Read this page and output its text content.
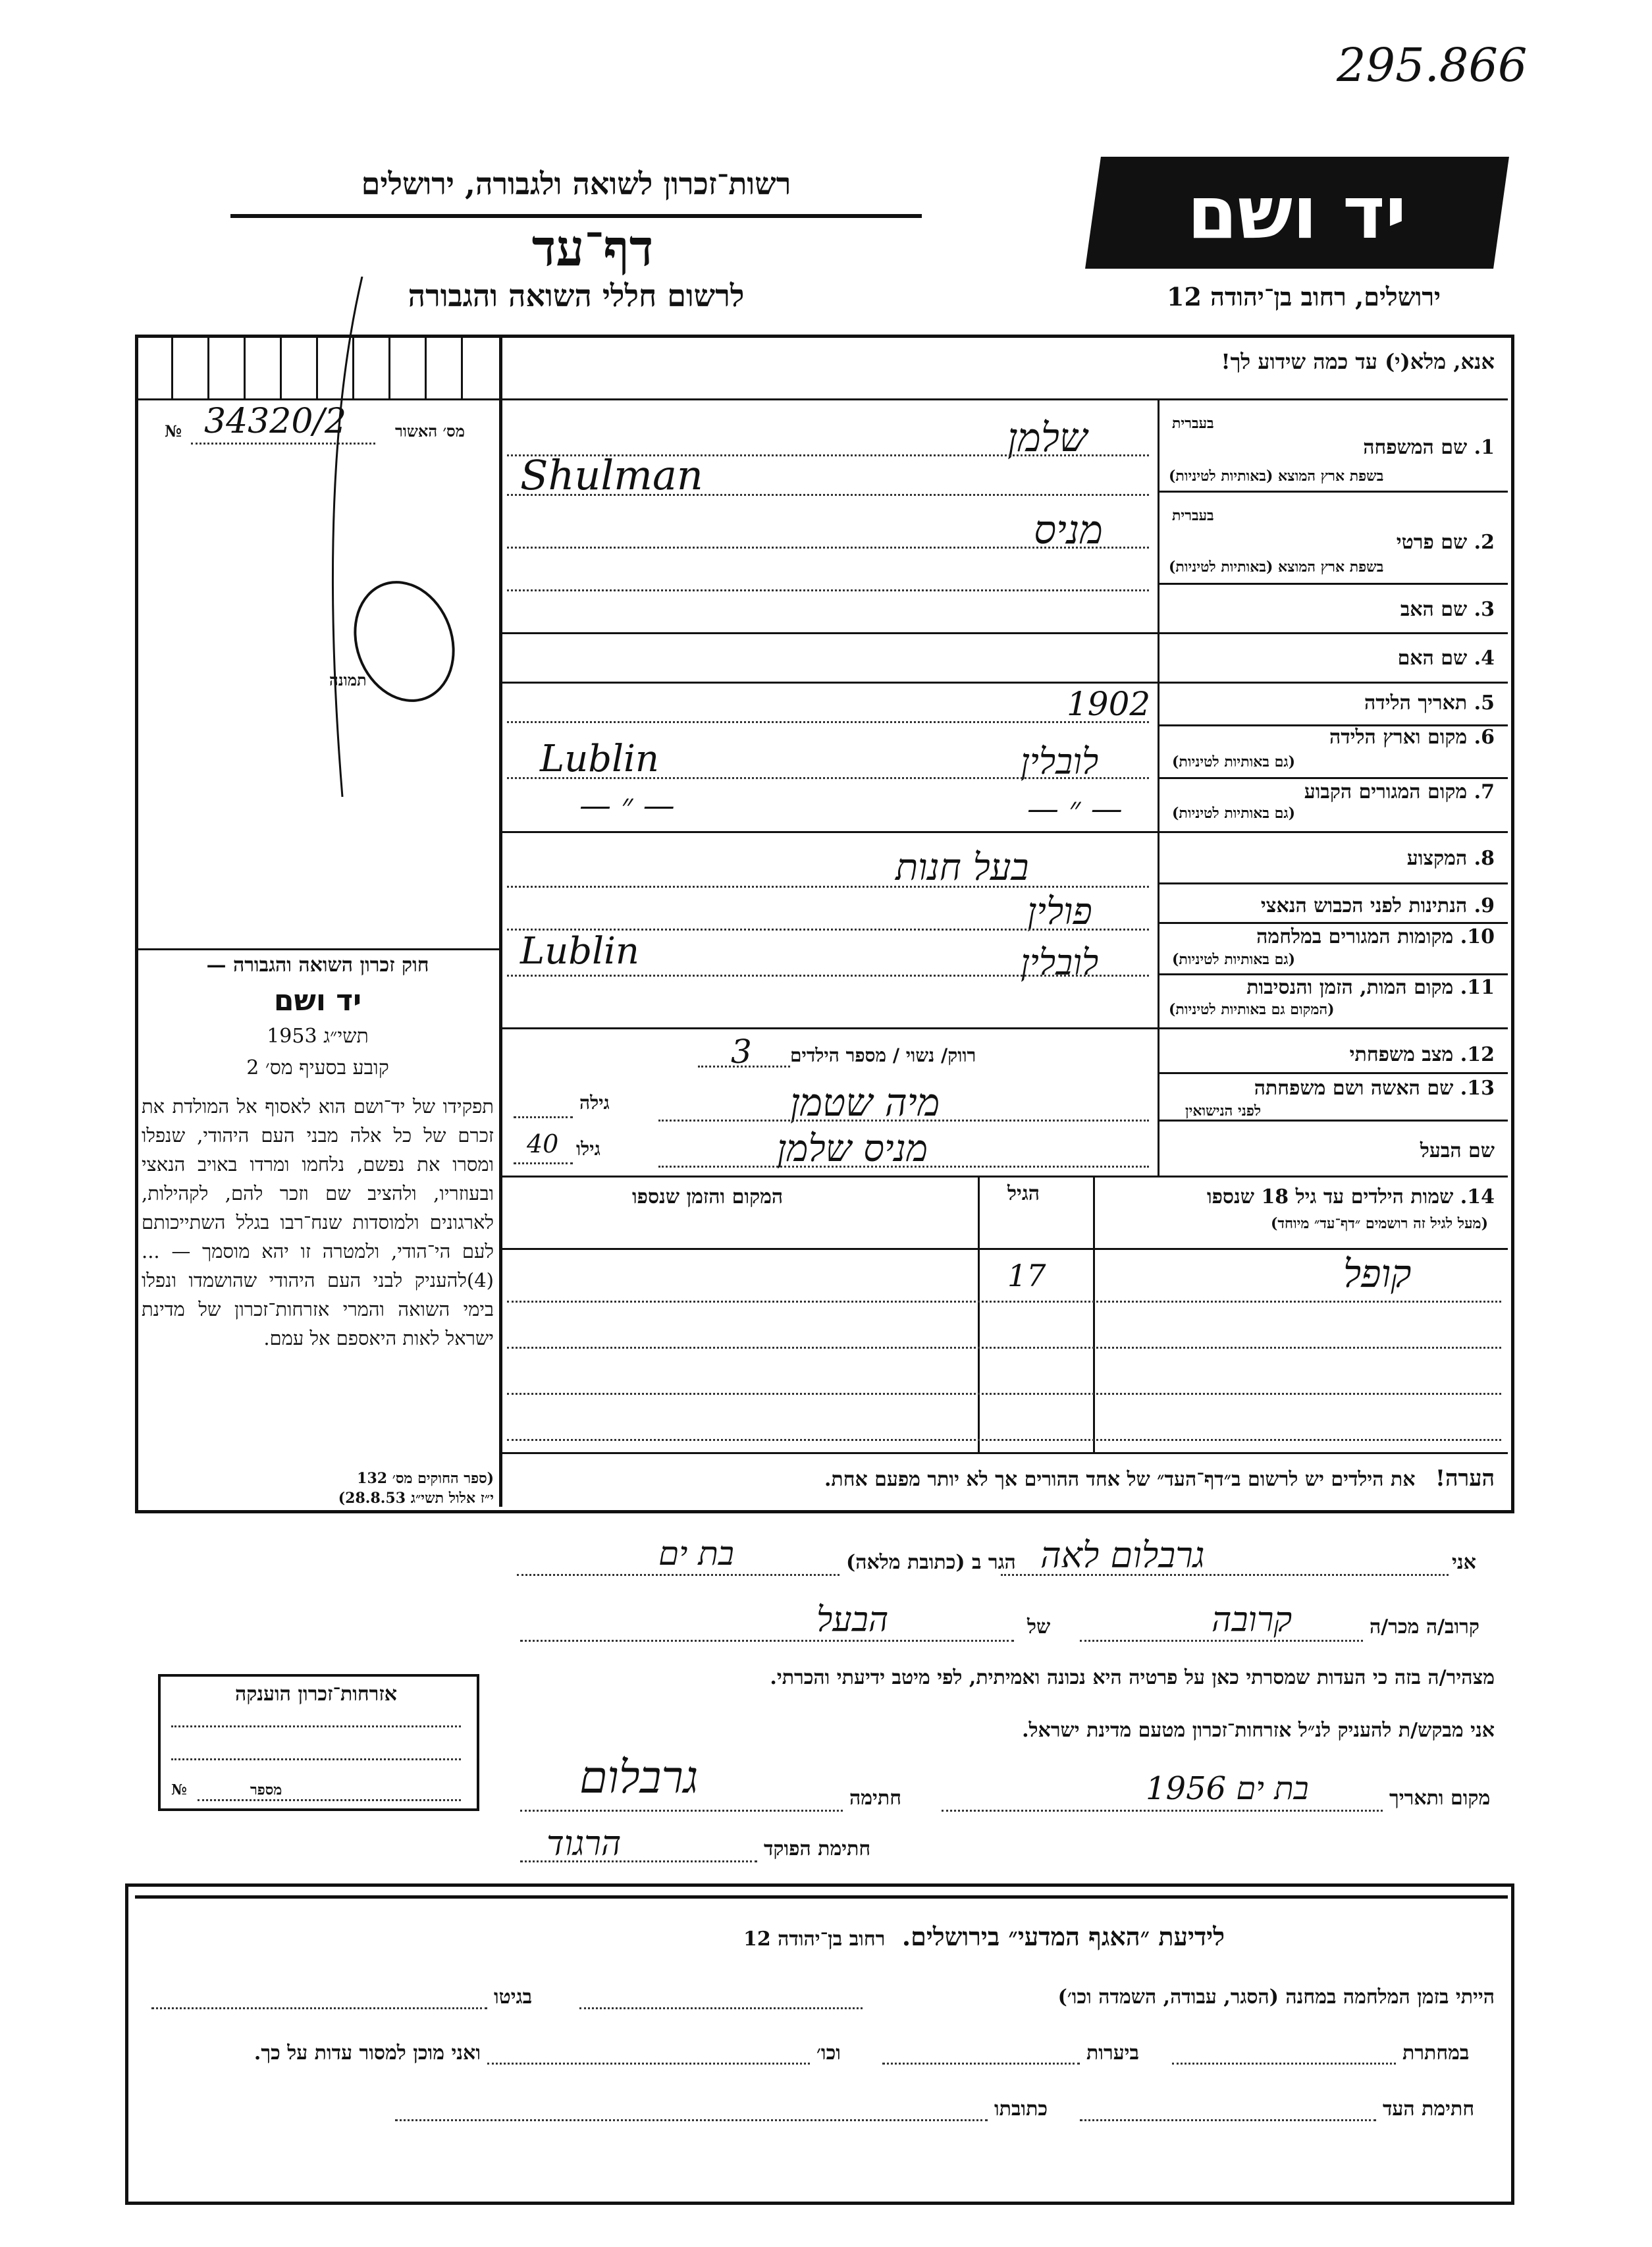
295.866
יד ושם
רשות־זכרון לשואה ולגבורה, ירושלים
דף־עד
לרשום חללי השואה והגבורה	ירושלים, רחוב בן־יהודה 12
מס׳ האשור
№ 34320/2
תמונה
חוק זכרון השואה והגבורה —
יד ושם
תשי״ג 1953
קובע בסעיף מס׳ 2
תפקידו של יד־ושם הוא לאסוף אל המולדת את זכרם של כל אלה מבני העם היהודי, שנפלו ומסרו את נפשם, נלחמו ומרדו באויב הנאצי ובעוזריו, ולהציב שם וזכר להם, לקהילות, לארגונים ולמוסדות שנח־רבו בגלל השתייכותם לעם הי־הודי, ולמטרה זו יהא מוסמך — ...(4)להעניק לבני העם היהודי שהושמדו ונפלו בימי השואה והמרי אזרחות־זכרון של מדינת ישראל לאות היאספם אל עמם.
(ספר החוקים מס׳ 132
י״ז אלול תשי״ג 28.8.53)
אנא, מלא(י) עד כמה שידוע לך!
בעברית
1. שם המשפחה
בשפת ארץ המוצא (באותיות לטיניות)
שלמן
Shulman
בעברית
2. שם פרטי
בשפת ארץ המוצא (באותיות לטיניות)
מניס
3. שם האב
4. שם האם
5. תאריך הלידה
1902
6. מקום וארץ הלידה
(גם באותיות לטיניות)
Lublin	לובלין
7. מקום המגורים הקבוע
(גם באותיות לטיניות)
— ״ —	— ״ —
8. המקצוע
בעל חנות
9. הנתינות לפני הכבוש הנאצי
פולין
10. מקומות המגורים במלחמה
(גם באותיות לטיניות)
Lublin	לובלין
11. מקום המות, הזמן והנסיבות
(המקום גם באותיות לטיניות)
12. מצב משפחתי
רווק/ נשוי / מספר הילדים
3
13. שם האשה ושם משפחתה
לפני הנישואין
גילה	מיה שטמן
שם הבעל
גילו
40	מניס שלמן
14. שמות הילדים עד גיל 18 שנספו
(מעל לגיל זה רושמים ״דף־עד״ מיוחד)
הגיל
המקום והזמן שנספו
קופל
17
הערה! את הילדים יש לרשום ב״דף־העד״ של אחד ההורים אך לא יותר מפעם אחת.
אני
גרבלום לאה
הגר ב (כתובת מלאה)
בת ים
קרוב/ה מכר/ה
קרובה
של
הבעל
מצהיר/ה בזה כי העדות שמסרתי כאן על פרטיה היא נכונה ואמיתית, לפי מיטב ידיעתי והכרתי.
אני מבקש/ת להעניק לנ״ל אזרחות־זכרון מטעם מדינת ישראל.
מקום ותאריך
בת ים 1956
חתימה
גרבלום
חתימת הפוקד
הרגוד
אזרחות־זכרון הוענקה
№	מספר
לידיעת ״האגף המדעי״ בירושלים. רחוב בן־יהודה 12
הייתי בזמן המלחמה במחנה (הסגר, עבודה, השמדה וכו׳)
בגיטו
במחתרת
ביערות
וכו׳
ואני מוכן למסור עדות על כך.
חתימת העד
כתובתו
